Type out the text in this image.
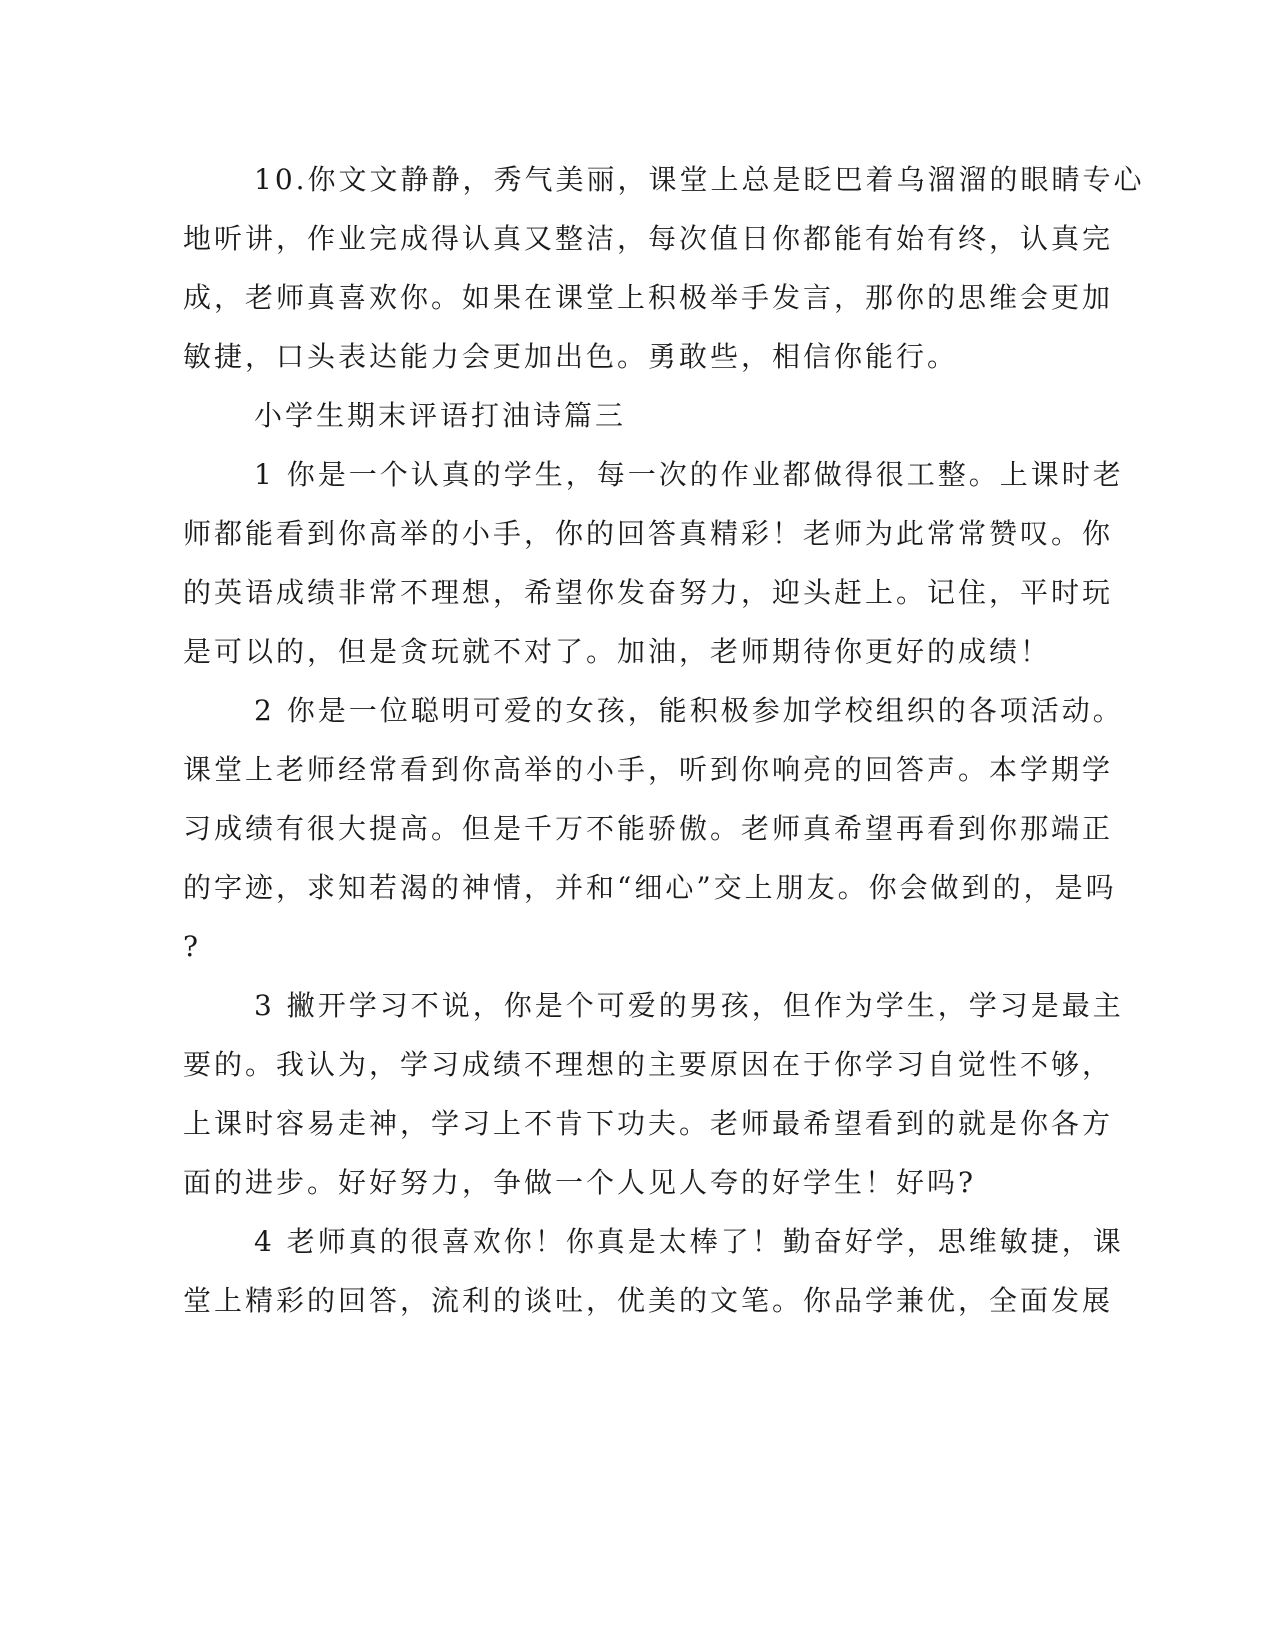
10.你文文静静，秀气美丽，课堂上总是眨巴着乌溜溜的眼睛专心
地听讲，作业完成得认真又整洁，每次值日你都能有始有终，认真完
成，老师真喜欢你。如果在课堂上积极举手发言，那你的思维会更加
敏捷，口头表达能力会更加出色。勇敢些，相信你能行。
小学生期末评语打油诗篇三
1 你是一个认真的学生，每一次的作业都做得很工整。上课时老
师都能看到你高举的小手，你的回答真精彩！老师为此常常赞叹。你
的英语成绩非常不理想，希望你发奋努力，迎头赶上。记住，平时玩
是可以的，但是贪玩就不对了。加油，老师期待你更好的成绩！
2 你是一位聪明可爱的女孩，能积极参加学校组织的各项活动。
课堂上老师经常看到你高举的小手，听到你响亮的回答声。本学期学
习成绩有很大提高。但是千万不能骄傲。老师真希望再看到你那端正
的字迹，求知若渴的神情，并和“细心”交上朋友。你会做到的，是吗
?
3 撇开学习不说，你是个可爱的男孩，但作为学生，学习是最主
要的。我认为，学习成绩不理想的主要原因在于你学习自觉性不够，
上课时容易走神，学习上不肯下功夫。老师最希望看到的就是你各方
面的进步。好好努力，争做一个人见人夸的好学生！好吗?
4 老师真的很喜欢你！你真是太棒了！勤奋好学，思维敏捷，课
堂上精彩的回答，流利的谈吐，优美的文笔。你品学兼优，全面发展
